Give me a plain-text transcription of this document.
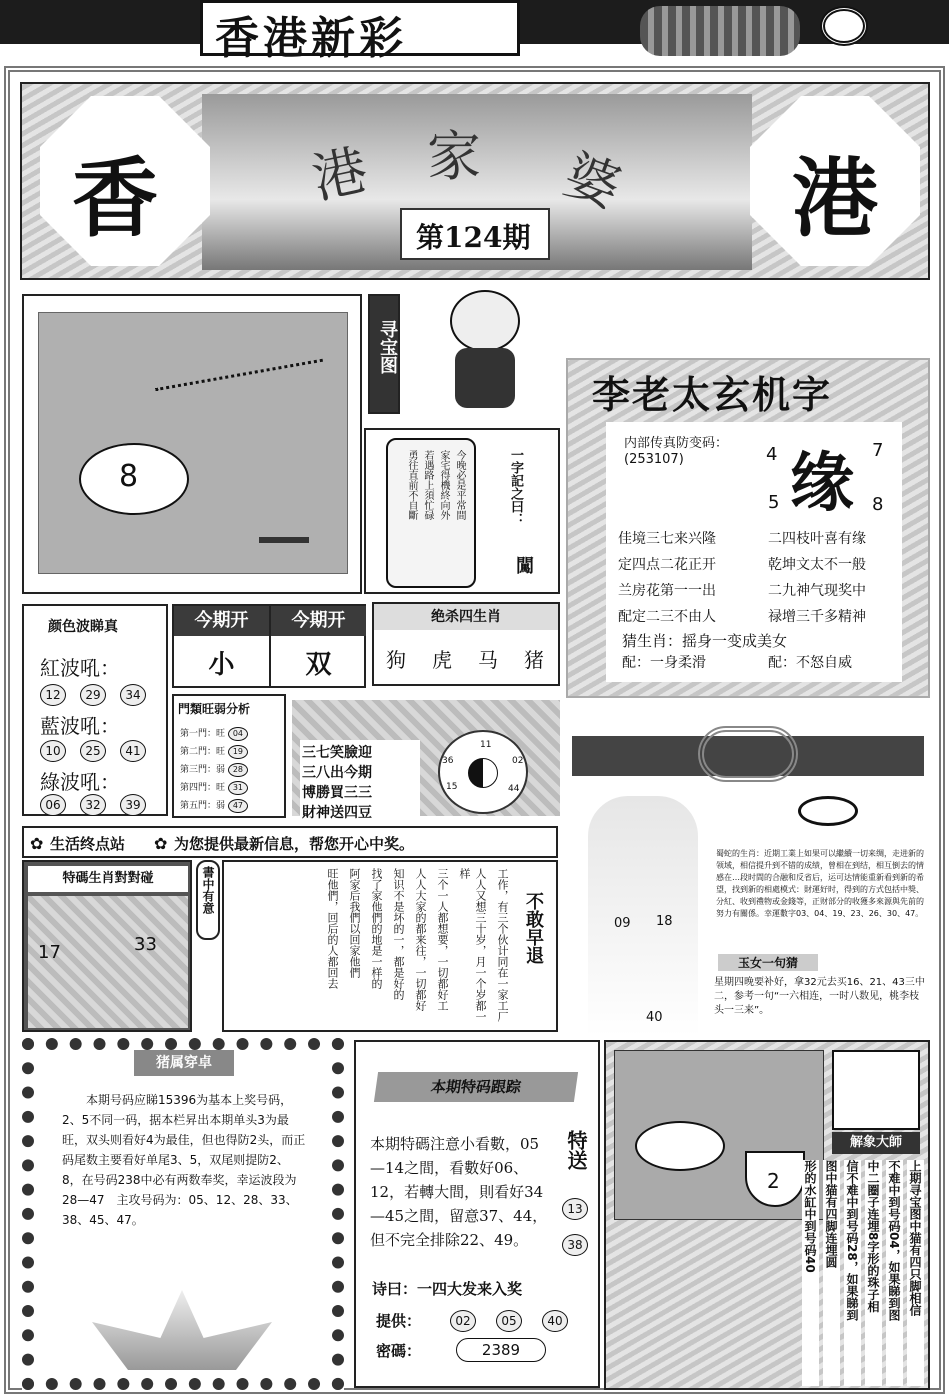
香港新彩	ENGLISH
香	港
港 家 婆
第124期
8
寻宝图
今晚必是平常間
家宅得機終向外
若遇路上須忙碌
勇往直前不自斷	一字記之曰：
闖
李老太玄机字
内部传真防变码：
(253107) 缘
4	7
5	8
佳境三七来兴隆	二四枝叶喜有缘
定四点二花正开	乾坤文太不一般
兰房花第一一出	二九神气现奖中
配定二三不由人	禄增三千多精神
猜生肖：摇身一变成美女
配：一身柔滑	配：不怒自威
颜色波睇真
紅波吼：
12	29	34
藍波吼：
10	25	41
綠波吼：
06	32	39
今期开	今期开
小	双
绝杀四生肖
狗 虎 马 猪
門類旺弱分析
第一門：旺 04
第二門：旺 19
第三門：弱 28
第四門：旺 31
第五門：弱 47
三七笑臉迎
三八出今期
博勝買三三
財神送四豆
36
11
02
15	44
✿ 生活终点站 ✿ 为您提供最新信息，帮您开心中奖。
特碼生肖對對碰
17	33
書中有意	工作，有三个伙计同在一家工厂
人人又想三十岁，月一个岁都一样
三个一人都想要，一切都好工
人人大家的都来往，一切都好
知识不是坏的一，都是好的
找了家他們的地是一样的
阿家后我們以回家他們
旺他們，回后的人都回去	不敢早退	09 18
40
蜀蛇的生肖：近期工業上如果可以繼續一切来绸，走进新的领域，相信提升到不错的成绩，曾相在到结，相互倒去的情感在…段时間的合融和反省后，运可达情能重新看到新的希望，找到新的相處模式：財運好时，得到的方式包括中獎、分紅、收到禮物或金錢等，正财部分的收獲多來源與先前的努力有關係。幸運數字03、04、19、23、26、30、47。
玉女一句猜
星期四晚要补好，拿32元去买16、21、43三中二，参考一句“一六相连，一时八数见，桃李枝头一三来”。
猪属穿卓
本期号码应睇15396为基本上奖号码，2、5不同一码，据本栏昇出本期单头3为最旺，双头则看好4为最佳，但也得防2头，而正码尾数主要看好单尾3、5，双尾则提防2、8，在号码238中必有两数奉奖，幸运波段为28—47　主攻号码为：05、12、28、33、38、45、47。
本期特码跟踪
本期特碼注意小看數，05—14之間，看數好06、12，若轉大間，則看好34—45之間，留意37、44，但不完全排除22、49。
特送
13
38
诗曰：一四大发来入奖
提供：	02	05	40
密碼：	2389
2
解象大師
上期寻宝图中猫有四只脚相信
不难中到号码04，如果睇到图
中二圈子连埋8字形的珠子相
信不难中到号码28，如果睇到
图中猫有四脚连埋圆
形的水缸中到号码40
